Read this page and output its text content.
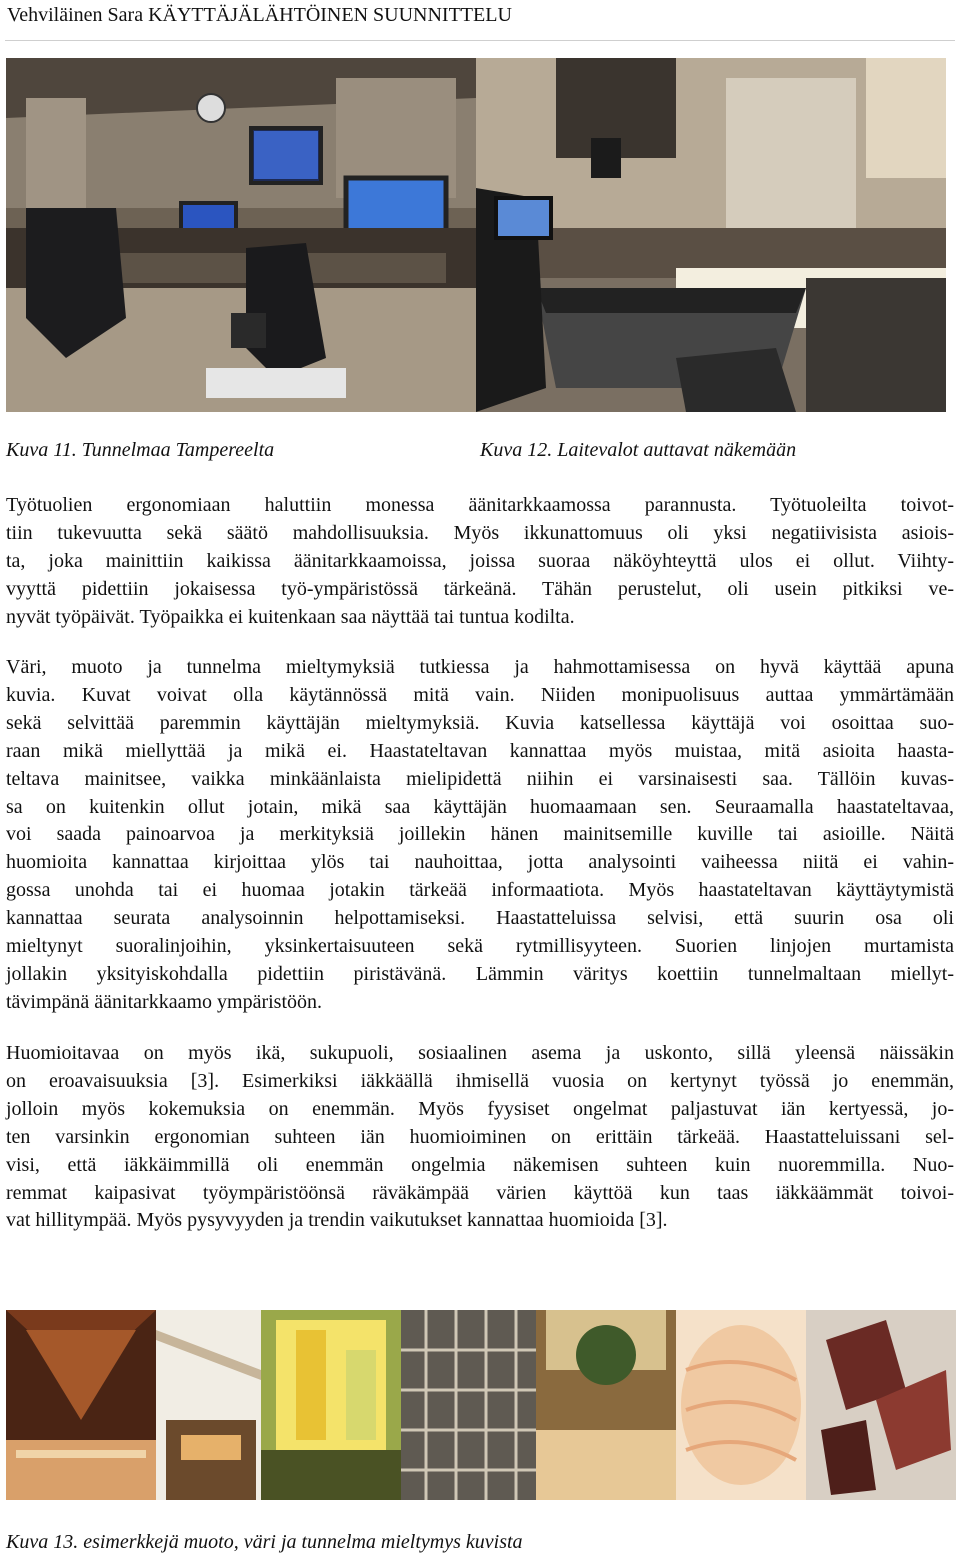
Vehviläinen Sara KÄYTTÄJÄLÄHTÖINEN SUUNNITTELU
Kuva 11. Tunnelmaa Tampereelta	Kuva 12. Laitevalot auttavat näkemään

Työtuolien ergonomiaan haluttiin monessa äänitarkkaamossa parannusta. Työtuoleilta toivot-
tiin tukevuutta sekä säätö mahdollisuuksia. Myös ikkunattomuus oli yksi negatiivisista asiois-
ta, joka mainittiin kaikissa äänitarkkaamoissa, joissa suoraa näköyhteyttä ulos ei ollut. Viihty-
vyyttä pidettiin jokaisessa työ-ympäristössä tärkeänä. Tähän perustelut, oli usein pitkiksi ve-
nyvät työpäivät. Työpaikka ei kuitenkaan saa näyttää tai tuntua kodilta.

Väri, muoto ja tunnelma mieltymyksiä tutkiessa ja hahmottamisessa on hyvä käyttää apuna
kuvia. Kuvat voivat olla käytännössä mitä vain. Niiden monipuolisuus auttaa ymmärtämään
sekä selvittää paremmin käyttäjän mieltymyksiä. Kuvia katsellessa käyttäjä voi osoittaa suo-
raan mikä miellyttää ja mikä ei. Haastateltavan kannattaa myös muistaa, mitä asioita haasta-
teltava mainitsee, vaikka minkäänlaista mielipidettä niihin ei varsinaisesti saa. Tällöin kuvas-
sa on kuitenkin ollut jotain, mikä saa käyttäjän huomaamaan sen. Seuraamalla haastateltavaa,
voi saada painoarvoa ja merkityksiä joillekin hänen mainitsemille kuville tai asioille. Näitä
huomioita kannattaa kirjoittaa ylös tai nauhoittaa, jotta analysointi vaiheessa niitä ei vahin-
gossa unohda tai ei huomaa jotakin tärkeää informaatiota. Myös haastateltavan käyttäytymistä
kannattaa seurata analysoinnin helpottamiseksi. Haastatteluissa selvisi, että suurin osa oli
mieltynyt suoralinjoihin, yksinkertaisuuteen sekä rytmillisyyteen. Suorien linjojen murtamista
jollakin yksityiskohdalla pidettiin piristävänä. Lämmin väritys koettiin tunnelmaltaan miellyt-
tävimpänä äänitarkkaamo ympäristöön.

Huomioitavaa on myös ikä, sukupuoli, sosiaalinen asema ja uskonto, sillä yleensä näissäkin
on eroavaisuuksia [3]. Esimerkiksi iäkkäällä ihmisellä vuosia on kertynyt työssä jo enemmän,
jolloin myös kokemuksia on enemmän. Myös fyysiset ongelmat paljastuvat iän kertyessä, jo-
ten varsinkin ergonomian suhteen iän huomioiminen on erittäin tärkeää. Haastatteluissani sel-
visi, että iäkkäimmillä oli enemmän ongelmia näkemisen suhteen kuin nuoremmilla. Nuo-
remmat kaipasivat työympäristöönsä räväkämpää värien käyttöä kun taas iäkkäämmät toivoi-
vat hillitympää. Myös pysyvyyden ja trendin vaikutukset kannattaa huomioida [3].

Kuva 13. esimerkkejä muoto, väri ja tunnelma mieltymys kuvista
